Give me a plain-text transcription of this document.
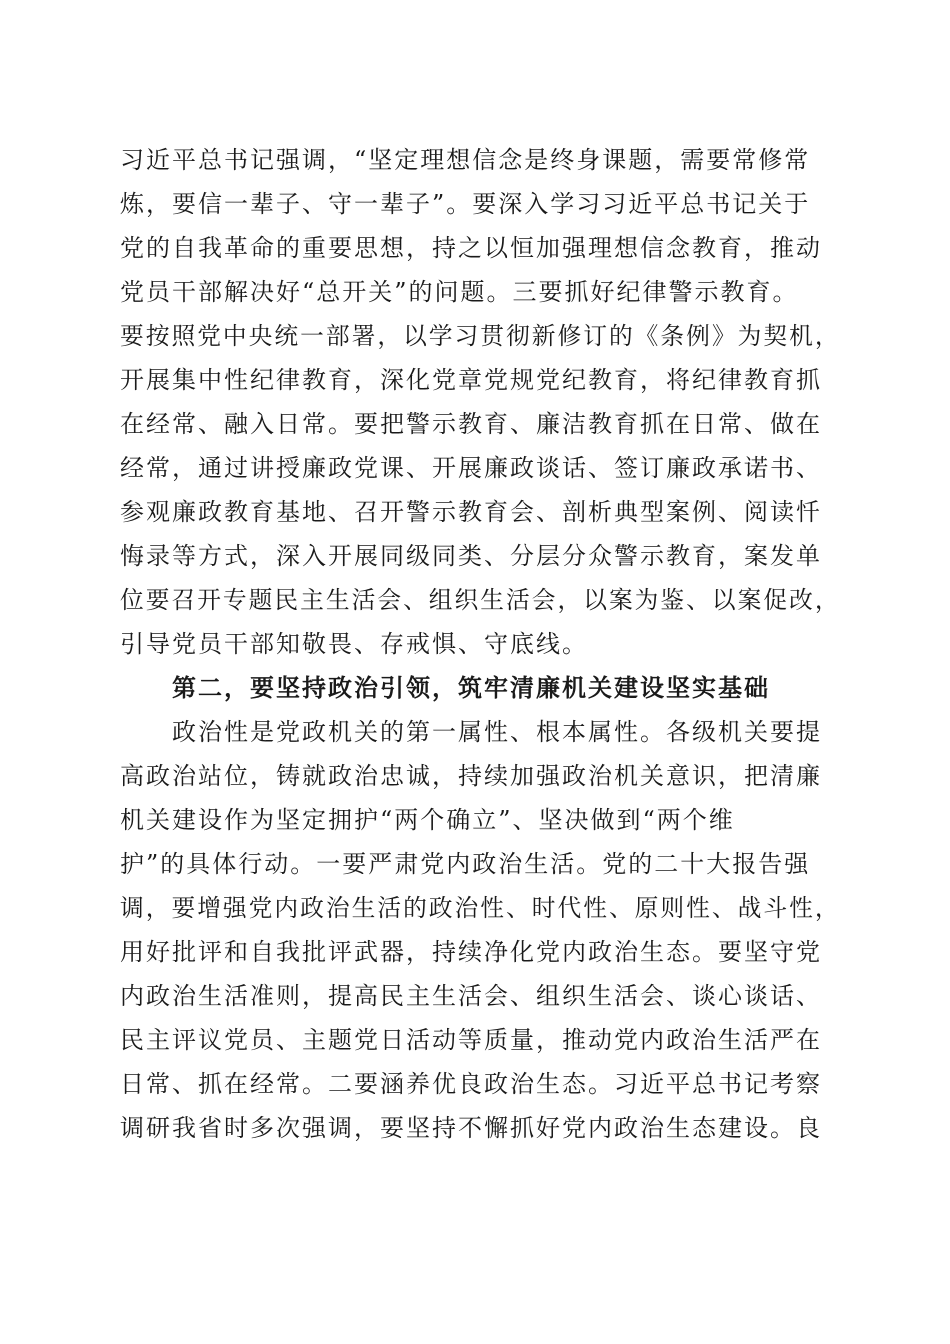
习近平总书记强调，“坚定理想信念是终身课题，需要常修常
炼，要信一辈子、守一辈子”。要深入学习习近平总书记关于
党的自我革命的重要思想，持之以恒加强理想信念教育，推动
党员干部解决好“总开关”的问题。三要抓好纪律警示教育。
要按照党中央统一部署，以学习贯彻新修订的《条例》为契机，
开展集中性纪律教育，深化党章党规党纪教育，将纪律教育抓
在经常、融入日常。要把警示教育、廉洁教育抓在日常、做在
经常，通过讲授廉政党课、开展廉政谈话、签订廉政承诺书、
参观廉政教育基地、召开警示教育会、剖析典型案例、阅读忏
悔录等方式，深入开展同级同类、分层分众警示教育，案发单
位要召开专题民主生活会、组织生活会，以案为鉴、以案促改，
引导党员干部知敬畏、存戒惧、守底线。
第二，要坚持政治引领，筑牢清廉机关建设坚实基础
政治性是党政机关的第一属性、根本属性。各级机关要提
高政治站位，铸就政治忠诚，持续加强政治机关意识，把清廉
机关建设作为坚定拥护“两个确立”、坚决做到“两个维
护”的具体行动。一要严肃党内政治生活。党的二十大报告强
调，要增强党内政治生活的政治性、时代性、原则性、战斗性，
用好批评和自我批评武器，持续净化党内政治生态。要坚守党
内政治生活准则，提高民主生活会、组织生活会、谈心谈话、
民主评议党员、主题党日活动等质量，推动党内政治生活严在
日常、抓在经常。二要涵养优良政治生态。习近平总书记考察
调研我省时多次强调，要坚持不懈抓好党内政治生态建设。良
